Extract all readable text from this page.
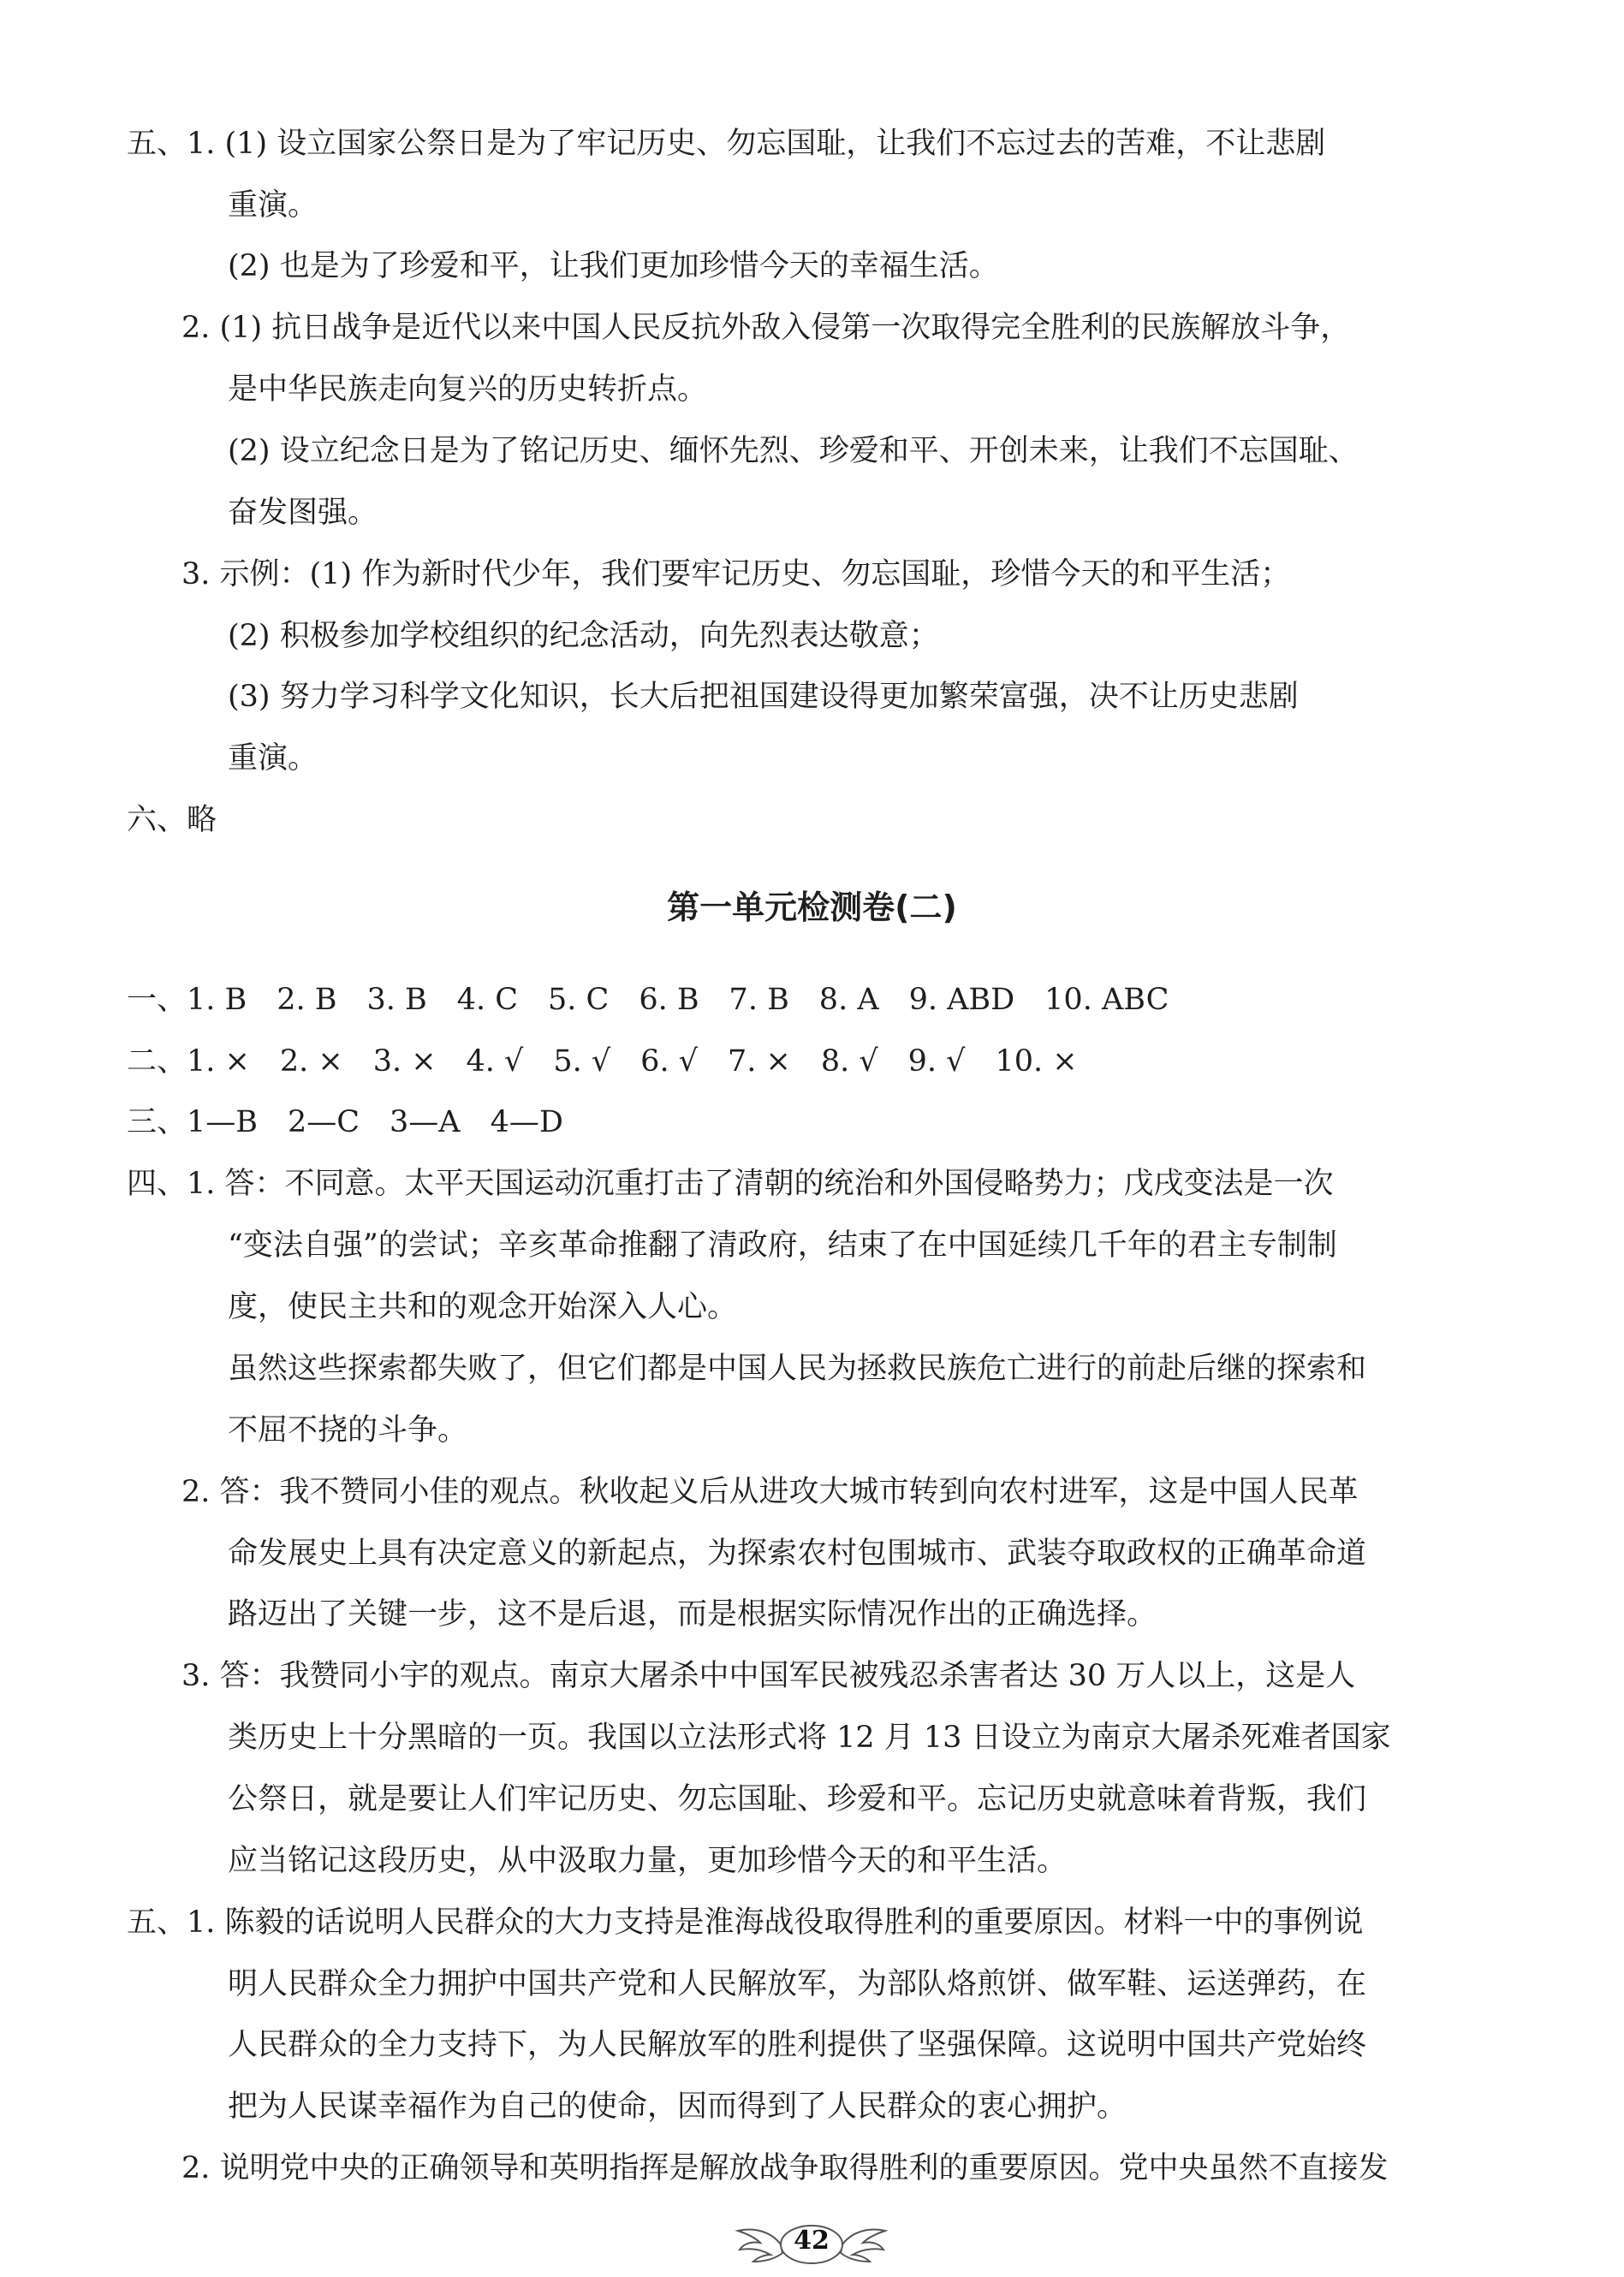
五、1. (1) 设立国家公祭日是为了牢记历史、勿忘国耻，让我们不忘过去的苦难，不让悲剧
重演。
(2) 也是为了珍爱和平，让我们更加珍惜今天的幸福生活。
2. (1) 抗日战争是近代以来中国人民反抗外敌入侵第一次取得完全胜利的民族解放斗争，
是中华民族走向复兴的历史转折点。
(2) 设立纪念日是为了铭记历史、缅怀先烈、珍爱和平、开创未来，让我们不忘国耻、
奋发图强。
3. 示例：(1) 作为新时代少年，我们要牢记历史、勿忘国耻，珍惜今天的和平生活；
(2) 积极参加学校组织的纪念活动，向先烈表达敬意；
(3) 努力学习科学文化知识，长大后把祖国建设得更加繁荣富强，决不让历史悲剧
重演。
六、略
第一单元检测卷(二)
一、1. B　2. B　3. B　4. C　5. C　6. B　7. B　8. A　9. ABD　10. ABC
二、1. ×　2. ×　3. ×　4. √　5. √　6. √　7. ×　8. √　9. √　10. ×
三、1—B　2—C　3—A　4—D
四、1. 答：不同意。太平天国运动沉重打击了清朝的统治和外国侵略势力；戊戌变法是一次
“变法自强”的尝试；辛亥革命推翻了清政府，结束了在中国延续几千年的君主专制制
度，使民主共和的观念开始深入人心。
虽然这些探索都失败了，但它们都是中国人民为拯救民族危亡进行的前赴后继的探索和
不屈不挠的斗争。
2. 答：我不赞同小佳的观点。秋收起义后从进攻大城市转到向农村进军，这是中国人民革
命发展史上具有决定意义的新起点，为探索农村包围城市、武装夺取政权的正确革命道
路迈出了关键一步，这不是后退，而是根据实际情况作出的正确选择。
3. 答：我赞同小宇的观点。南京大屠杀中中国军民被残忍杀害者达 30 万人以上，这是人
类历史上十分黑暗的一页。我国以立法形式将 12 月 13 日设立为南京大屠杀死难者国家
公祭日，就是要让人们牢记历史、勿忘国耻、珍爱和平。忘记历史就意味着背叛，我们
应当铭记这段历史，从中汲取力量，更加珍惜今天的和平生活。
五、1. 陈毅的话说明人民群众的大力支持是淮海战役取得胜利的重要原因。材料一中的事例说
明人民群众全力拥护中国共产党和人民解放军，为部队烙煎饼、做军鞋、运送弹药，在
人民群众的全力支持下，为人民解放军的胜利提供了坚强保障。这说明中国共产党始终
把为人民谋幸福作为自己的使命，因而得到了人民群众的衷心拥护。
2. 说明党中央的正确领导和英明指挥是解放战争取得胜利的重要原因。党中央虽然不直接发
42
